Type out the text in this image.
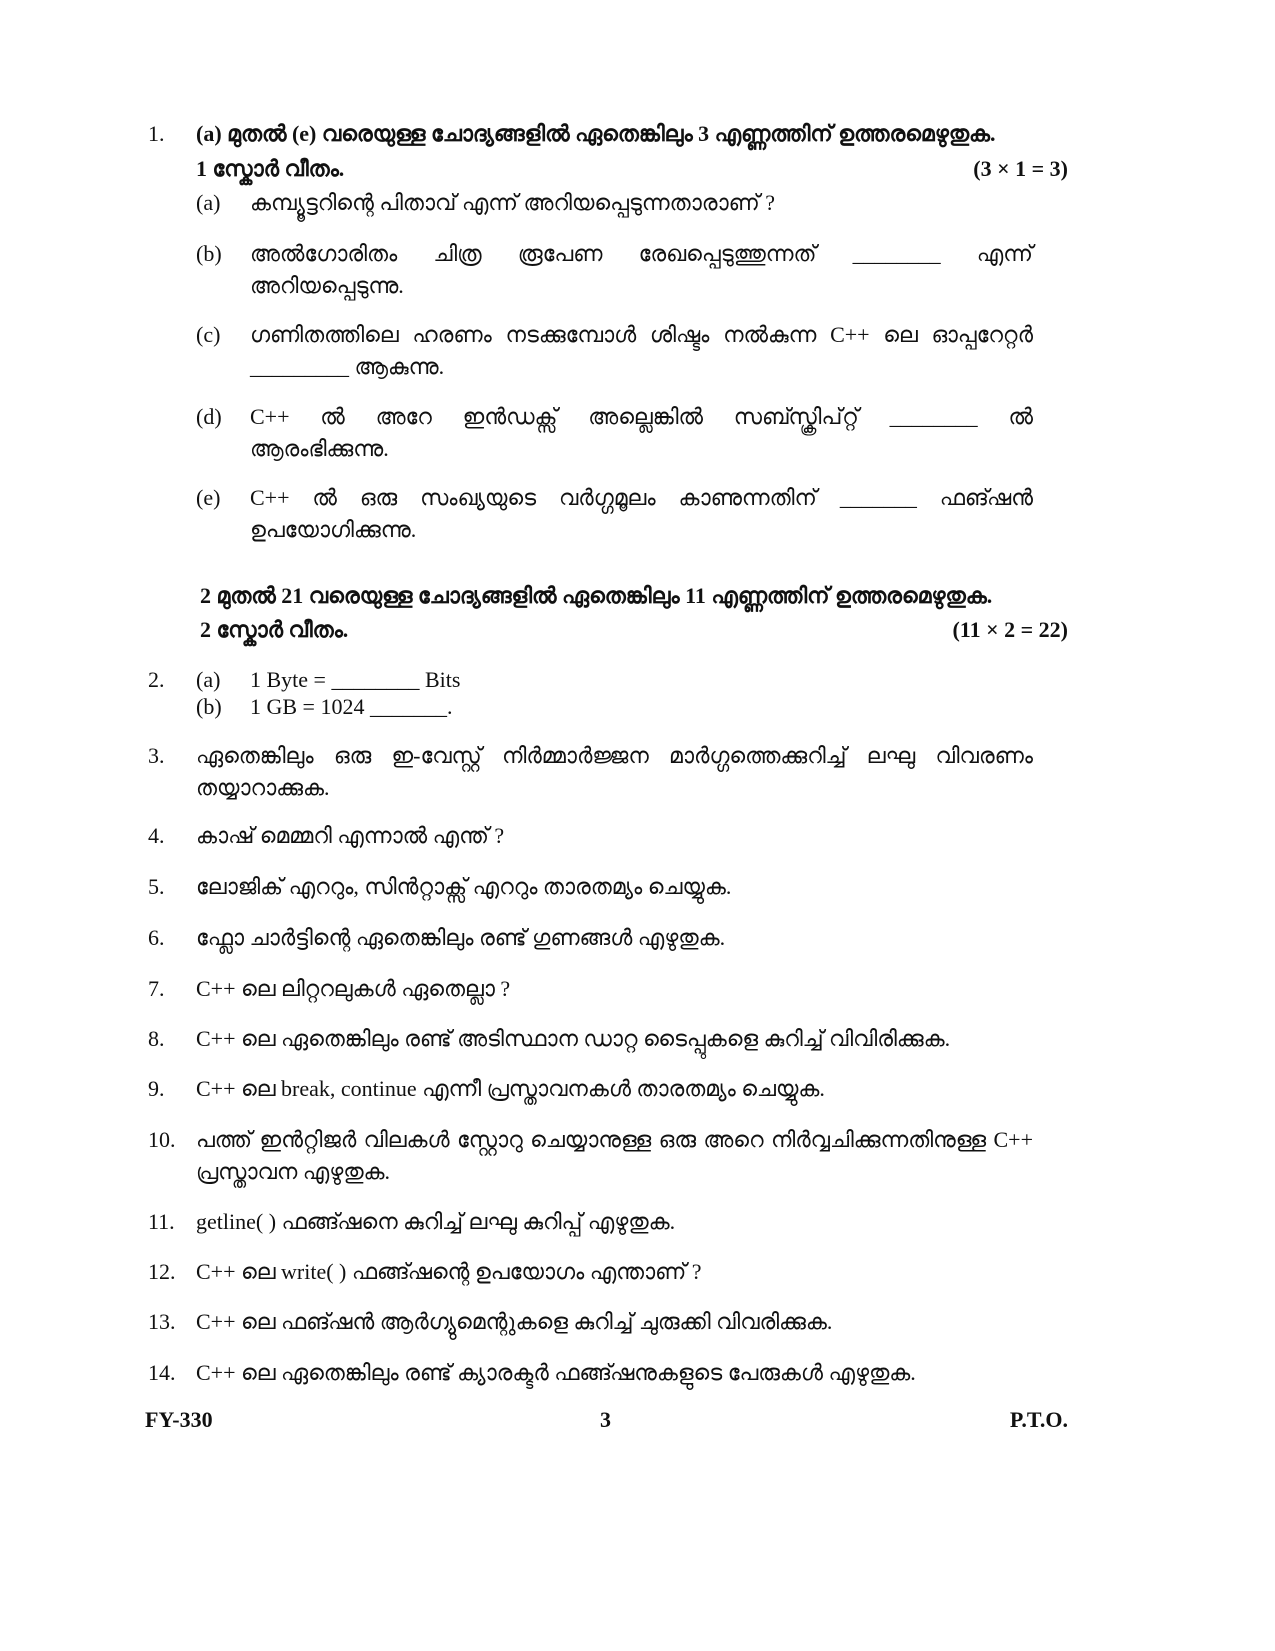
1. (a) മുതൽ (e) വരെയുള്ള ചോദ്യങ്ങളിൽ ഏതെങ്കിലും 3 എണ്ണത്തിന് ഉത്തരമെഴുതുക.
1 സ്കോർ വീതം.	(3 × 1 = 3)
(a) കമ്പ്യൂട്ടറിന്റെ പിതാവ് എന്ന് അറിയപ്പെടുന്നതാരാണ് ?
(b) അൽഗോരിതം ചിത്ര രൂപേണ രേഖപ്പെടുത്തുന്നത് ________ എന്ന്
അറിയപ്പെടുന്നു.
(c) ഗണിതത്തിലെ ഹരണം നടക്കുമ്പോൾ ശിഷ്ടം നൽകുന്ന C++ ലെ ഓപ്പറേറ്റർ
_________ ആകുന്നു.
(d) C++ ൽ അറേ ഇൻഡക്സ് അല്ലെങ്കിൽ സബ്സ്ക്രിപ്റ്റ് ________ ൽ
ആരംഭിക്കുന്നു.
(e) C++ ൽ ഒരു സംഖ്യയുടെ വർഗ്ഗമൂലം കാണുന്നതിന് _______ ഫങ്ഷൻ
ഉപയോഗിക്കുന്നു.
2 മുതൽ 21 വരെയുള്ള ചോദ്യങ്ങളിൽ ഏതെങ്കിലും 11 എണ്ണത്തിന് ഉത്തരമെഴുതുക.
2 സ്കോർ വീതം.	(11 × 2 = 22)
2. (a) 1 Byte = ________ Bits
(b) 1 GB = 1024 _______.
3. ഏതെങ്കിലും ഒരു ഇ-വേസ്റ്റ് നിർമ്മാർജ്ജന മാർഗ്ഗത്തെക്കുറിച്ച് ലഘു വിവരണം
തയ്യാറാക്കുക.
4. കാഷ് മെമ്മറി എന്നാൽ എന്ത് ?
5. ലോജിക് എററും, സിൻറ്റാക്സ് എററും താരതമ്യം ചെയ്യുക.
6. ഫ്ലോ ചാർട്ടിന്റെ ഏതെങ്കിലും രണ്ട് ഗുണങ്ങൾ എഴുതുക.
7. C++ ലെ ലിറ്ററലുകൾ ഏതെല്ലാ ?
8. C++ ലെ ഏതെങ്കിലും രണ്ട് അടിസ്ഥാന ഡാറ്റ ടൈപ്പുകളെ കുറിച്ച് വിവിരിക്കുക.
9. C++ ലെ break, continue എന്നീ പ്രസ്താവനകൾ താരതമ്യം ചെയ്യുക.
10. പത്ത് ഇൻറ്റിജർ വിലകൾ സ്റ്റോറു ചെയ്യാനുള്ള ഒരു അറെ നിർവ്വചിക്കുന്നതിനുള്ള C++
പ്രസ്താവന എഴുതുക.
11. getline( ) ഫങ്ങ്ഷനെ കുറിച്ച് ലഘു കുറിപ്പ് എഴുതുക.
12. C++ ലെ write( ) ഫങ്ങ്ഷന്റെ ഉപയോഗം എന്താണ് ?
13. C++ ലെ ഫങ്ഷൻ ആർഗ്യുമെന്റുകളെ കുറിച്ച് ചുരുക്കി വിവരിക്കുക.
14. C++ ലെ ഏതെങ്കിലും രണ്ട് ക്യാരക്ടർ ഫങ്ങ്ഷനുകളുടെ പേരുകൾ എഴുതുക.
FY-330	3	P.T.O.
